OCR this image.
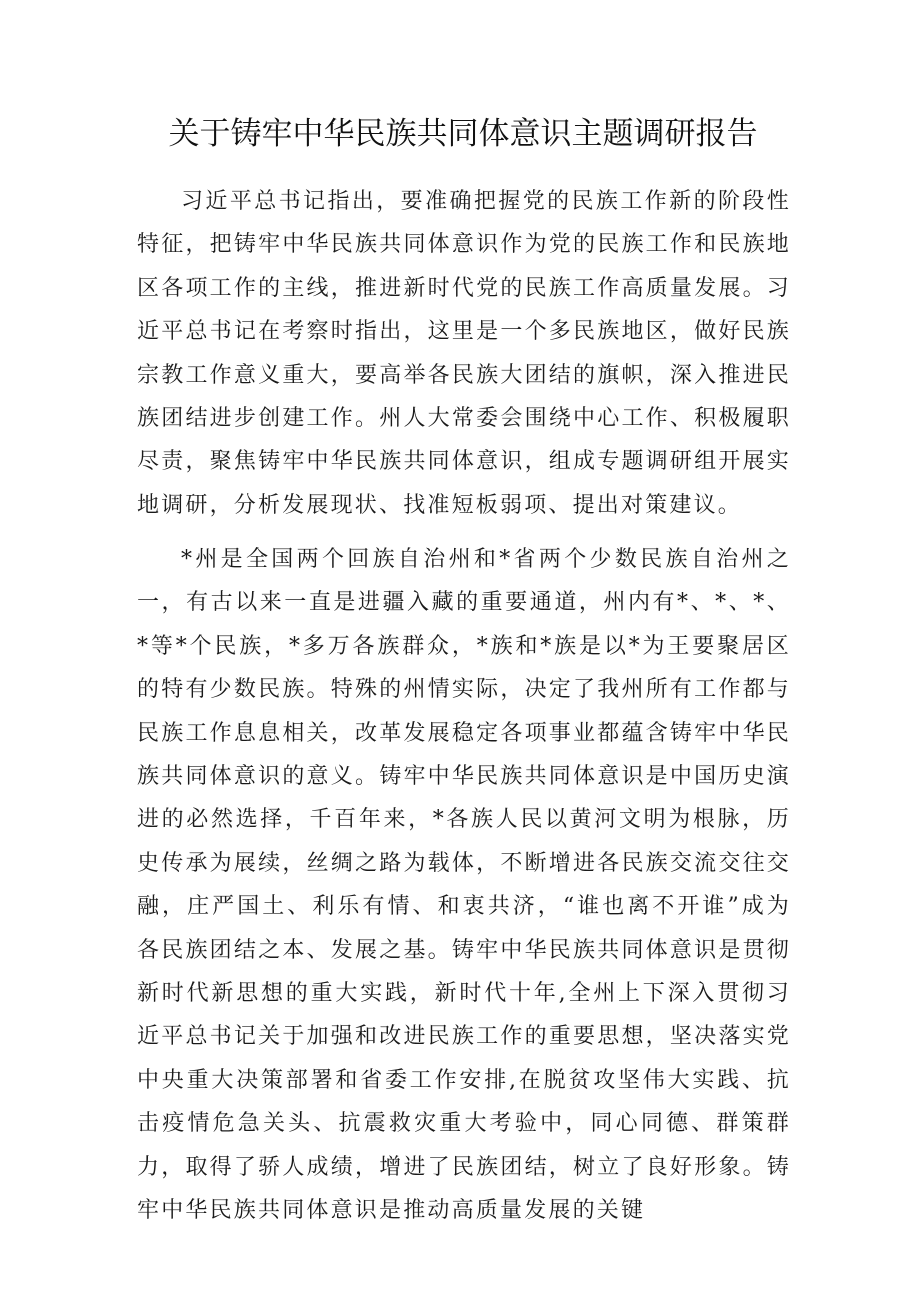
关于铸牢中华民族共同体意识主题调研报告

习近平总书记指出，要准确把握党的民族工作新的阶段性特征，把铸牢中华民族共同体意识作为党的民族工作和民族地区各项工作的主线，推进新时代党的民族工作高质量发展。习近平总书记在考察时指出，这里是一个多民族地区，做好民族宗教工作意义重大，要高举各民族大团结的旗帜，深入推进民族团结进步创建工作。州人大常委会围绕中心工作、积极履职尽责，聚焦铸牢中华民族共同体意识，组成专题调研组开展实地调研，分析发展现状、找准短板弱项、提出对策建议。

*州是全国两个回族自治州和*省两个少数民族自治州之一，有古以来一直是进疆入藏的重要通道，州内有*、*、*、*等*个民族，*多万各族群众，*族和*族是以*为王要聚居区的特有少数民族。特殊的州情实际，决定了我州所有工作都与民族工作息息相关，改革发展稳定各项事业都蕴含铸牢中华民族共同体意识的意义。铸牢中华民族共同体意识是中国历史演进的必然选择，千百年来，*各族人民以黄河文明为根脉，历史传承为展续，丝绸之路为载体，不断增进各民族交流交往交融，庄严国土、利乐有情、和衷共济，“谁也离不开谁”成为各民族团结之本、发展之基。铸牢中华民族共同体意识是贯彻新时代新思想的重大实践，新时代十年,全州上下深入贯彻习近平总书记关于加强和改进民族工作的重要思想，坚决落实党中央重大决策部署和省委工作安排,在脱贫攻坚伟大实践、抗击疫情危急关头、抗震救灾重大考验中，同心同德、群策群力，取得了骄人成绩，增进了民族团结，树立了良好形象。铸牢中华民族共同体意识是推动高质量发展的关键
